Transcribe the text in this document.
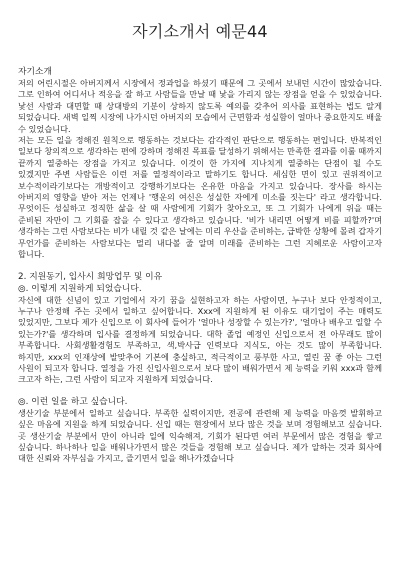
자기소개서 예문44
자기소개
저의 어린시절은 아버지께서 시장에서 정과업을 하셨기 때문에 그 곳에서 보내던 시간이 많았습니다. 그로 인하여 어디서나 적응을 잘 하고 사람들을 만날 때 낯을 가리지 않는 장점을 얻을 수 있었습니다. 낯선 사람과 대면할 때 상대방의 기분이 상하지 않도록 예의를 갖추어 의사를 표현하는 법도 알게 되었습니다. 새벽 일찍 시장에 나가시던 아버지의 모습에서 근면함과 성실함이 얼마나 중요한지도 배울 수 있었습니다.
저는 모든 일을 정해진 원칙으로 행동하는 것보다는 감각적인 판단으로 행동하는 편입니다. 반복적인 일보다 창의적으로 생각하는 편에 강하며 정해진 목표를 달성하기 위해서는 만족한 결과를 이룰 때까지 끝까지 열중하는 장점을 가지고 있습니다. 이것이 한 가지에 지나치게 열중하는 단점이 될 수도 있겠지만 주변 사람들은 이런 저를 열정적이라고 말하기도 합니다. 세심한 면이 있고 권위적이고 보수적이라기보다는 개방적이고 강행하기보다는 온유한 마음을 가지고 있습니다. 장사를 하시는 아버지의 영향을 받아 저는 언제나 '행운의 여신은 성실한 자에게 미소를 짓는다' 라고 생각합니다. 무엇이든 성실하고 정직한 삶을 살 때 사람에게 기회가 찾아오고, 또 그 기회가 나에게 위을 때는 준비된 자만이 그 기회를 잡을 수 있다고 생각하고 있습니다. '비가 내리면 어떻게 비를 피할까?'며 생각하는 그런 사람보다는 비가 내릴 것 같은 날에는 미리 우산을 준비하는, 급박한 상황에 몰려 갑자기 무언가를 준비하는 사람보다는 멀리 내다볼 줄 알며 미래를 준비하는 그런 지혜로운 사람이고자 합니다.
2. 지원동기, 입사시 희망업무 및 이유
◎. 이렇게 지원하게 되었습니다.
자신에 대한 신념이 있고 기업에서 자기 꿈을 실현하고자 하는 사람이면, 누구나 보다 안정적이고, 누구나 안정해 주는 곳에서 일하고 싶어합니다. Xxx에 지원하게 된 이유도 대기업이 주는 매력도 있었지만, 그보다 제가 신입으로 이 회사에 들어가 '얼마나 성장할 수 있는가?', '얼마나 배우고 일할 수 있는가?'를 생각하며 입사를 결정하게 되었습니다. 대학 졸업 예정인 신입으로서 전 아무래도 많이 부족합니다. 사회생활경험도 부족하고, 색,박사급 인력보다 지식도, 아는 것도 많이 부족합니다. 하지만, xxx의 인재상에 발맞추어 기본에 충실하고, 적극적이고 풍부한 사고, 열린 꿈 좋 아는 그런 사원이 되고자 합니다. 열정을 가진 신입사원으로서 보다 많이 배워가면서 제 능력을 키워 xxx과 함께 크고자 하는, 그런 사람이 되고자 지원하게 되었습니다.
◎. 이런 일을 하고 싶습니다.
생산기술 부분에서 일하고 싶습니다. 부족한 실력이지만, 전공에 관련해 제 능력을 마음껏 발휘하고 싶은 마음에 지원을 하게 되었습니다. 신입 때는 현장에서 보다 많은 것을 보며 경험해보고 싶습니다. 곳 생산기술 부분에서 만이 아니라 일에 익숙해져, 기회가 된다면 여러 부문에서 많은 경험을 쌓고 싶습니다. 하나하나 일을 배워나가면서 많은 것들을 경험해 보고 싶습니다. 제가 알하는 것과 회사에 대한 신뢰와 자부심을 가지고, 즐기면서 일을 해나가겠습니다
